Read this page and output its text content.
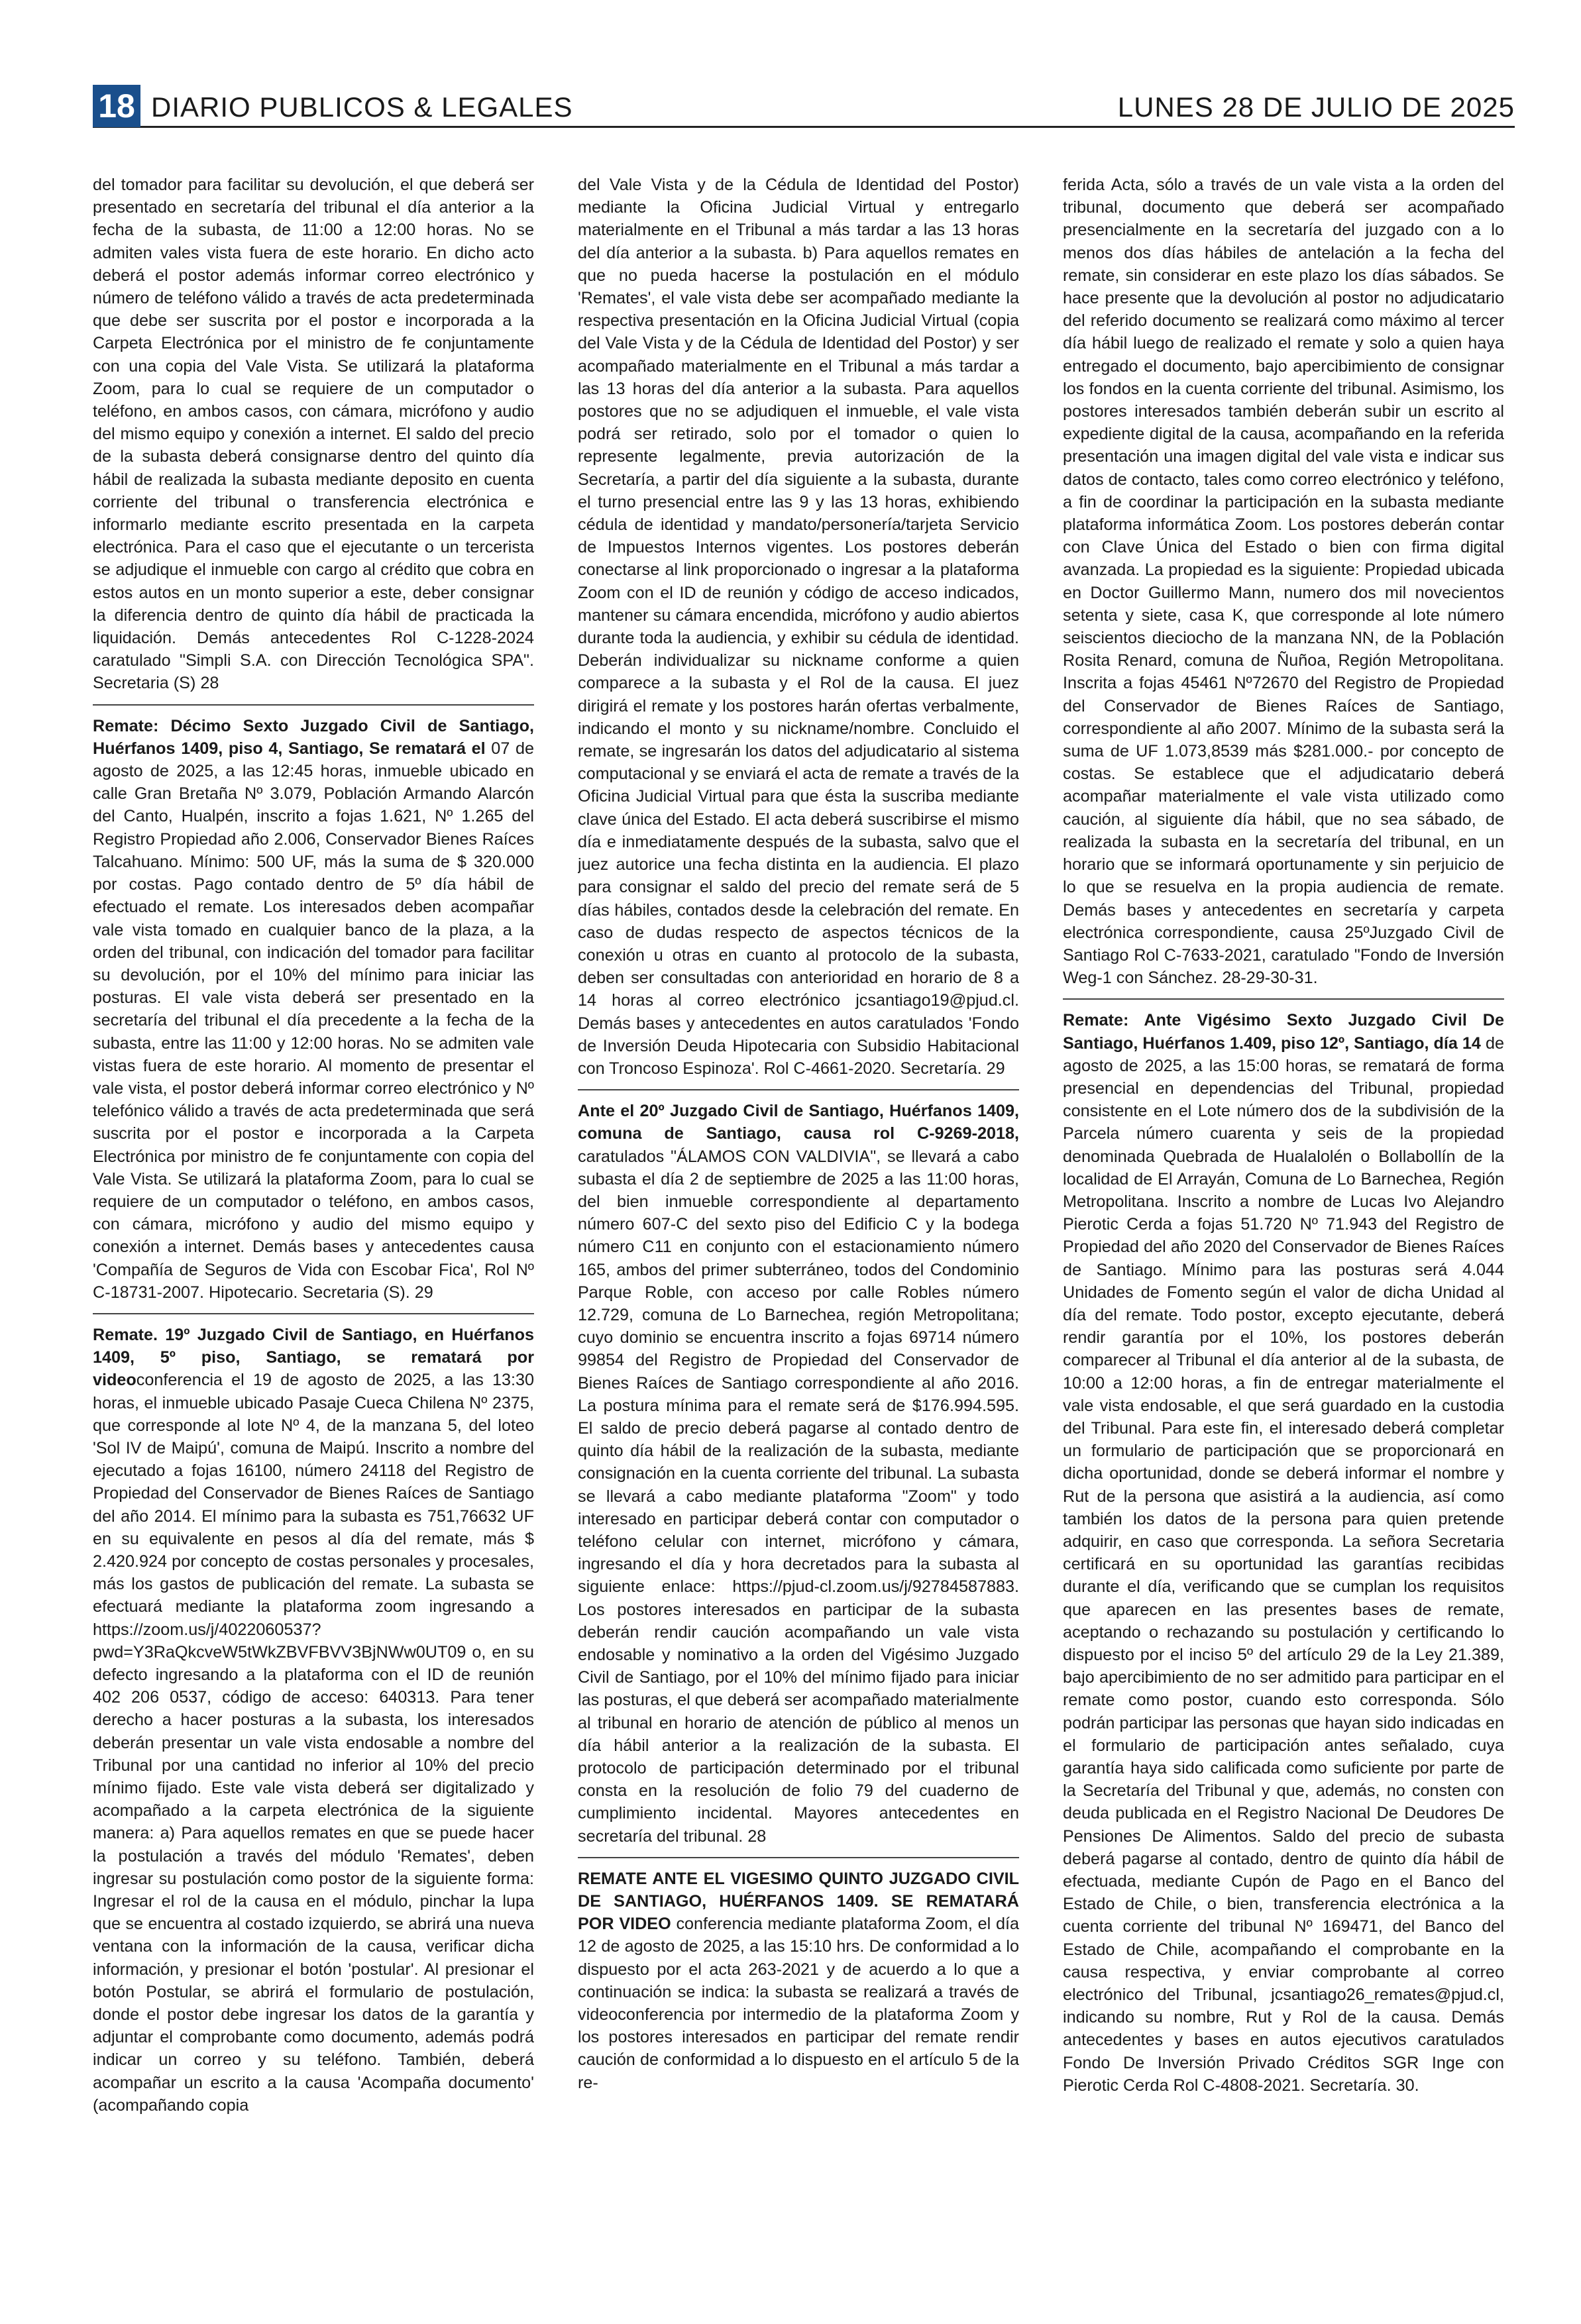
18 DIARIO PUBLICOS & LEGALES	LUNES 28 DE JULIO DE 2025

del tomador para facilitar su devolución, el que deberá ser presentado en secretaría del tribunal el día anterior a la fecha de la subasta, de 11:00 a 12:00 horas. No se admiten vales vista fuera de este horario. En dicho acto deberá el postor además informar correo electrónico y número de teléfono válido a través de acta predeterminada que debe ser suscrita por el postor e incorporada a la Carpeta Electrónica por el ministro de fe conjuntamente con una copia del Vale Vista. Se utilizará la plataforma Zoom, para lo cual se requiere de un computador o teléfono, en ambos casos, con cámara, micrófono y audio del mismo equipo y conexión a internet. El saldo del precio de la subasta deberá consignarse dentro del quinto día hábil de realizada la subasta mediante deposito en cuenta corriente del tribunal o transferencia electrónica e informarlo mediante escrito presentada en la carpeta electrónica. Para el caso que el ejecutante o un tercerista se adjudique el inmueble con cargo al crédito que cobra en estos autos en un monto superior a este, deber consignar la diferencia dentro de quinto día hábil de practicada la liquidación. Demás antecedentes Rol C-1228-2024 caratulado "Simpli S.A. con Dirección Tecnológica SPA". Secretaria (S) 28

Remate: Décimo Sexto Juzgado Civil de Santiago, Huérfanos 1409, piso 4, Santiago, Se rematará el 07 de agosto de 2025, a las 12:45 horas, inmueble ubicado en calle Gran Bretaña Nº 3.079, Población Armando Alarcón del Canto, Hualpén, inscrito a fojas 1.621, Nº 1.265 del Registro Propiedad año 2.006, Conservador Bienes Raíces Talcahuano. Mínimo: 500 UF, más la suma de $ 320.000 por costas. Pago contado dentro de 5º día hábil de efectuado el remate. Los interesados deben acompañar vale vista tomado en cualquier banco de la plaza, a la orden del tribunal, con indicación del tomador para facilitar su devolución, por el 10% del mínimo para iniciar las posturas. El vale vista deberá ser presentado en la secretaría del tribunal el día precedente a la fecha de la subasta, entre las 11:00 y 12:00 horas. No se admiten vale vistas fuera de este horario. Al momento de presentar el vale vista, el postor deberá informar correo electrónico y Nº telefónico válido a través de acta predeterminada que será suscrita por el postor e incorporada a la Carpeta Electrónica por ministro de fe conjuntamente con copia del Vale Vista. Se utilizará la plataforma Zoom, para lo cual se requiere de un computador o teléfono, en ambos casos, con cámara, micrófono y audio del mismo equipo y conexión a internet. Demás bases y antecedentes causa 'Compañía de Seguros de Vida con Escobar Fica', Rol Nº C-18731-2007. Hipotecario. Secretaria (S). 29

Remate. 19º Juzgado Civil de Santiago, en Huérfanos 1409, 5º piso, Santiago, se rematará por videoconferencia el 19 de agosto de 2025, a las 13:30 horas, el inmueble ubicado Pasaje Cueca Chilena Nº 2375, que corresponde al lote Nº 4, de la manzana 5, del loteo 'Sol IV de Maipú', comuna de Maipú. Inscrito a nombre del ejecutado a fojas 16100, número 24118 del Registro de Propiedad del Conservador de Bienes Raíces de Santiago del año 2014. El mínimo para la subasta es 751,76632 UF en su equivalente en pesos al día del remate, más $ 2.420.924 por concepto de costas personales y procesales, más los gastos de publicación del remate. La subasta se efectuará mediante la plataforma zoom ingresando a https://zoom.us/j/4022060537?pwd=Y3RaQkcveW5tWkZBVFBVV3BjNWw0UT09 o, en su defecto ingresando a la plataforma con el ID de reunión 402 206 0537, código de acceso: 640313. Para tener derecho a hacer posturas a la subasta, los interesados deberán presentar un vale vista endosable a nombre del Tribunal por una cantidad no inferior al 10% del precio mínimo fijado. Este vale vista deberá ser digitalizado y acompañado a la carpeta electrónica de la siguiente manera: a) Para aquellos remates en que se puede hacer la postulación a través del módulo 'Remates', deben ingresar su postulación como postor de la siguiente forma: Ingresar el rol de la causa en el módulo, pinchar la lupa que se encuentra al costado izquierdo, se abrirá una nueva ventana con la información de la causa, verificar dicha información, y presionar el botón 'postular'. Al presionar el botón Postular, se abrirá el formulario de postulación, donde el postor debe ingresar los datos de la garantía y adjuntar el comprobante como documento, además podrá indicar un correo y su teléfono. También, deberá acompañar un escrito a la causa 'Acompaña documento' (acompañando copia

del Vale Vista y de la Cédula de Identidad del Postor) mediante la Oficina Judicial Virtual y entregarlo materialmente en el Tribunal a más tardar a las 13 horas del día anterior a la subasta. b) Para aquellos remates en que no pueda hacerse la postulación en el módulo 'Remates', el vale vista debe ser acompañado mediante la respectiva presentación en la Oficina Judicial Virtual (copia del Vale Vista y de la Cédula de Identidad del Postor) y ser acompañado materialmente en el Tribunal a más tardar a las 13 horas del día anterior a la subasta. Para aquellos postores que no se adjudiquen el inmueble, el vale vista podrá ser retirado, solo por el tomador o quien lo represente legalmente, previa autorización de la Secretaría, a partir del día siguiente a la subasta, durante el turno presencial entre las 9 y las 13 horas, exhibiendo cédula de identidad y mandato/personería/tarjeta Servicio de Impuestos Internos vigentes. Los postores deberán conectarse al link proporcionado o ingresar a la plataforma Zoom con el ID de reunión y código de acceso indicados, mantener su cámara encendida, micrófono y audio abiertos durante toda la audiencia, y exhibir su cédula de identidad. Deberán individualizar su nickname conforme a quien comparece a la subasta y el Rol de la causa. El juez dirigirá el remate y los postores harán ofertas verbalmente, indicando el monto y su nickname/nombre. Concluido el remate, se ingresarán los datos del adjudicatario al sistema computacional y se enviará el acta de remate a través de la Oficina Judicial Virtual para que ésta la suscriba mediante clave única del Estado. El acta deberá suscribirse el mismo día e inmediatamente después de la subasta, salvo que el juez autorice una fecha distinta en la audiencia. El plazo para consignar el saldo del precio del remate será de 5 días hábiles, contados desde la celebración del remate. En caso de dudas respecto de aspectos técnicos de la conexión u otras en cuanto al protocolo de la subasta, deben ser consultadas con anterioridad en horario de 8 a 14 horas al correo electrónico jcsantiago19@pjud.cl. Demás bases y antecedentes en autos caratulados 'Fondo de Inversión Deuda Hipotecaria con Subsidio Habitacional con Troncoso Espinoza'. Rol C-4661-2020. Secretaría. 29

Ante el 20º Juzgado Civil de Santiago, Huérfanos 1409, comuna de Santiago, causa rol C-9269-2018, caratulados "ÁLAMOS CON VALDIVIA", se llevará a cabo subasta el día 2 de septiembre de 2025 a las 11:00 horas, del bien inmueble correspondiente al departamento número 607-C del sexto piso del Edificio C y la bodega número C11 en conjunto con el estacionamiento número 165, ambos del primer subterráneo, todos del Condominio Parque Roble, con acceso por calle Robles número 12.729, comuna de Lo Barnechea, región Metropolitana; cuyo dominio se encuentra inscrito a fojas 69714 número 99854 del Registro de Propiedad del Conservador de Bienes Raíces de Santiago correspondiente al año 2016. La postura mínima para el remate será de $176.994.595. El saldo de precio deberá pagarse al contado dentro de quinto día hábil de la realización de la subasta, mediante consignación en la cuenta corriente del tribunal. La subasta se llevará a cabo mediante plataforma "Zoom" y todo interesado en participar deberá contar con computador o teléfono celular con internet, micrófono y cámara, ingresando el día y hora decretados para la subasta al siguiente enlace: https://pjud-cl.zoom.us/j/92784587883. Los postores interesados en participar de la subasta deberán rendir caución acompañando un vale vista endosable y nominativo a la orden del Vigésimo Juzgado Civil de Santiago, por el 10% del mínimo fijado para iniciar las posturas, el que deberá ser acompañado materialmente al tribunal en horario de atención de público al menos un día hábil anterior a la realización de la subasta. El protocolo de participación determinado por el tribunal consta en la resolución de folio 79 del cuaderno de cumplimiento incidental. Mayores antecedentes en secretaría del tribunal. 28

REMATE ANTE EL VIGESIMO QUINTO JUZGADO CIVIL DE SANTIAGO, HUÉRFANOS 1409. SE REMATARÁ POR VIDEO conferencia mediante plataforma Zoom, el día 12 de agosto de 2025, a las 15:10 hrs. De conformidad a lo dispuesto por el acta 263-2021 y de acuerdo a lo que a continuación se indica: la subasta se realizará a través de videoconferencia por intermedio de la plataforma Zoom y los postores interesados en participar del remate rendir caución de conformidad a lo dispuesto en el artículo 5 de la re-

ferida Acta, sólo a través de un vale vista a la orden del tribunal, documento que deberá ser acompañado presencialmente en la secretaría del juzgado con a lo menos dos días hábiles de antelación a la fecha del remate, sin considerar en este plazo los días sábados. Se hace presente que la devolución al postor no adjudicatario del referido documento se realizará como máximo al tercer día hábil luego de realizado el remate y solo a quien haya entregado el documento, bajo apercibimiento de consignar los fondos en la cuenta corriente del tribunal. Asimismo, los postores interesados también deberán subir un escrito al expediente digital de la causa, acompañando en la referida presentación una imagen digital del vale vista e indicar sus datos de contacto, tales como correo electrónico y teléfono, a fin de coordinar la participación en la subasta mediante plataforma informática Zoom. Los postores deberán contar con Clave Única del Estado o bien con firma digital avanzada. La propiedad es la siguiente: Propiedad ubicada en Doctor Guillermo Mann, numero dos mil novecientos setenta y siete, casa K, que corresponde al lote número seiscientos dieciocho de la manzana NN, de la Población Rosita Renard, comuna de Ñuñoa, Región Metropolitana. Inscrita a fojas 45461 Nº72670 del Registro de Propiedad del Conservador de Bienes Raíces de Santiago, correspondiente al año 2007. Mínimo de la subasta será la suma de UF 1.073,8539 más $281.000.- por concepto de costas. Se establece que el adjudicatario deberá acompañar materialmente el vale vista utilizado como caución, al siguiente día hábil, que no sea sábado, de realizada la subasta en la secretaría del tribunal, en un horario que se informará oportunamente y sin perjuicio de lo que se resuelva en la propia audiencia de remate. Demás bases y antecedentes en secretaría y carpeta electrónica correspondiente, causa 25ºJuzgado Civil de Santiago Rol C-7633-2021, caratulado "Fondo de Inversión Weg-1 con Sánchez. 28-29-30-31.

Remate: Ante Vigésimo Sexto Juzgado Civil De Santiago, Huérfanos 1.409, piso 12º, Santiago, día 14 de agosto de 2025, a las 15:00 horas, se rematará de forma presencial en dependencias del Tribunal, propiedad consistente en el Lote número dos de la subdivisión de la Parcela número cuarenta y seis de la propiedad denominada Quebrada de Hualalolén o Bollabollín de la localidad de El Arrayán, Comuna de Lo Barnechea, Región Metropolitana. Inscrito a nombre de Lucas Ivo Alejandro Pierotic Cerda a fojas 51.720 Nº 71.943 del Registro de Propiedad del año 2020 del Conservador de Bienes Raíces de Santiago. Mínimo para las posturas será 4.044 Unidades de Fomento según el valor de dicha Unidad al día del remate. Todo postor, excepto ejecutante, deberá rendir garantía por el 10%, los postores deberán comparecer al Tribunal el día anterior al de la subasta, de 10:00 a 12:00 horas, a fin de entregar materialmente el vale vista endosable, el que será guardado en la custodia del Tribunal. Para este fin, el interesado deberá completar un formulario de participación que se proporcionará en dicha oportunidad, donde se deberá informar el nombre y Rut de la persona que asistirá a la audiencia, así como también los datos de la persona para quien pretende adquirir, en caso que corresponda. La señora Secretaria certificará en su oportunidad las garantías recibidas durante el día, verificando que se cumplan los requisitos que aparecen en las presentes bases de remate, aceptando o rechazando su postulación y certificando lo dispuesto por el inciso 5º del artículo 29 de la Ley 21.389, bajo apercibimiento de no ser admitido para participar en el remate como postor, cuando esto corresponda. Sólo podrán participar las personas que hayan sido indicadas en el formulario de participación antes señalado, cuya garantía haya sido calificada como suficiente por parte de la Secretaría del Tribunal y que, además, no consten con deuda publicada en el Registro Nacional De Deudores De Pensiones De Alimentos. Saldo del precio de subasta deberá pagarse al contado, dentro de quinto día hábil de efectuada, mediante Cupón de Pago en el Banco del Estado de Chile, o bien, transferencia electrónica a la cuenta corriente del tribunal Nº 169471, del Banco del Estado de Chile, acompañando el comprobante en la causa respectiva, y enviar comprobante al correo electrónico del Tribunal, jcsantiago26_remates@pjud.cl, indicando su nombre, Rut y Rol de la causa. Demás antecedentes y bases en autos ejecutivos caratulados Fondo De Inversión Privado Créditos SGR Inge con Pierotic Cerda Rol C-4808-2021. Secretaría. 30.
